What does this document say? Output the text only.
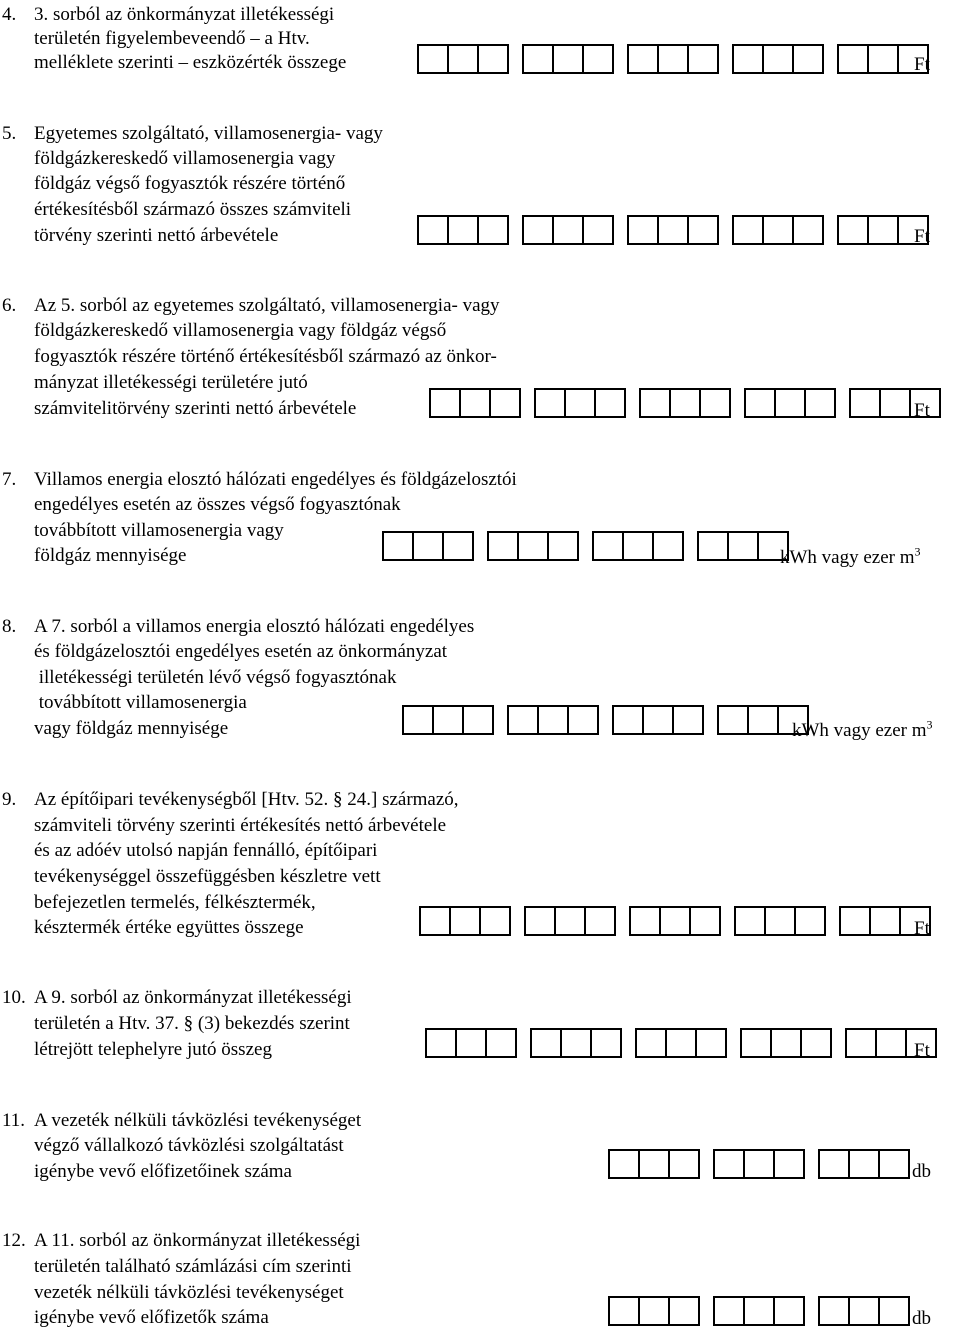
4. 3. sorból az önkormányzat illetékességi
területén figyelembeveendő – a Htv.
melléklete szerinti – eszközérték összege	Ft
5. Egyetemes szolgáltató, villamosenergia- vagy
földgázkereskedő villamosenergia vagy
földgáz végső fogyasztók részére történő
értékesítésből származó összes számviteli
törvény szerinti nettó árbevétele	Ft
6. Az 5. sorból az egyetemes szolgáltató, villamosenergia- vagy
földgázkereskedő villamosenergia vagy földgáz végső
fogyasztók részére történő értékesítésből származó az önkor-
mányzat illetékességi területére jutó
számvitelitörvény szerinti nettó árbevétele	Ft
7. Villamos energia elosztó hálózati engedélyes és földgázelosztói
engedélyes esetén az összes végső fogyasztónak
továbbított villamosenergia vagy
földgáz mennyisége	kWh vagy ezer $m^3$
8. A 7. sorból a villamos energia elosztó hálózati engedélyes
és földgázelosztói engedélyes esetén az önkormányzat
illetékességi területén lévő végső fogyasztónak
továbbított villamosenergia
vagy földgáz mennyisége	kWh vagy ezer $m^3$
9. Az építőipari tevékenységből [Htv. 52. § 24.] származó,
számviteli törvény szerinti értékesítés nettó árbevétele
és az adóév utolsó napján fennálló, építőipari
tevékenységgel összefüggésben készletre vett
befejezetlen termelés, félkésztermék,
késztermék értéke együttes összege	Ft
10. A 9. sorból az önkormányzat illetékességi
területén a Htv. 37. § (3) bekezdés szerint
létrejött telephelyre jutó összeg	Ft
11. A vezeték nélküli távközlési tevékenységet
végző vállalkozó távközlési szolgáltatást
igénybe vevő előfizetőinek száma	db
12. A 11. sorból az önkormányzat illetékességi
területén található számlázási cím szerinti
vezeték nélküli távközlési tevékenységet
igénybe vevő előfizetők száma	db
